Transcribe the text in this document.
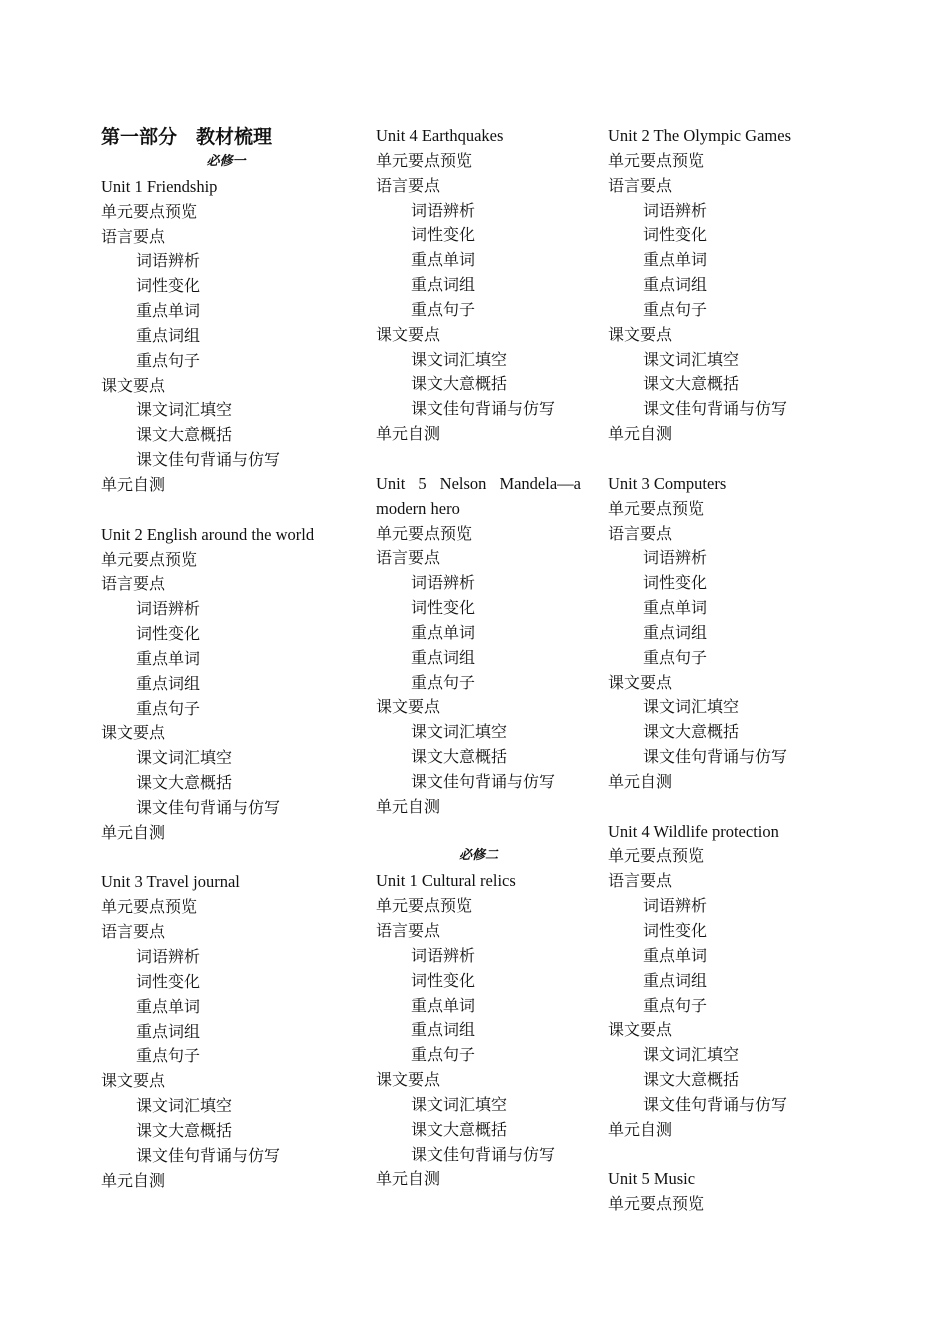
第一部分　教材梳理
必修一
Unit 1 Friendship
单元要点预览
语言要点
词语辨析
词性变化
重点单词
重点词组
重点句子
课文要点
课文词汇填空
课文大意概括
课文佳句背诵与仿写
单元自测
Unit 2 English around the world
单元要点预览
语言要点
词语辨析
词性变化
重点单词
重点词组
重点句子
课文要点
课文词汇填空
课文大意概括
课文佳句背诵与仿写
单元自测
Unit 3 Travel journal
单元要点预览
语言要点
词语辨析
词性变化
重点单词
重点词组
重点句子
课文要点
课文词汇填空
课文大意概括
课文佳句背诵与仿写
单元自测
Unit 4 Earthquakes
单元要点预览
语言要点
词语辨析
词性变化
重点单词
重点词组
重点句子
课文要点
课文词汇填空
课文大意概括
课文佳句背诵与仿写
单元自测
Unit 5 Nelson Mandela—a modern hero
单元要点预览
语言要点
词语辨析
词性变化
重点单词
重点词组
重点句子
课文要点
课文词汇填空
课文大意概括
课文佳句背诵与仿写
单元自测
必修二
Unit 1 Cultural relics
单元要点预览
语言要点
词语辨析
词性变化
重点单词
重点词组
重点句子
课文要点
课文词汇填空
课文大意概括
课文佳句背诵与仿写
单元自测
Unit 2 The Olympic Games
单元要点预览
语言要点
词语辨析
词性变化
重点单词
重点词组
重点句子
课文要点
课文词汇填空
课文大意概括
课文佳句背诵与仿写
单元自测
Unit 3 Computers
单元要点预览
语言要点
词语辨析
词性变化
重点单词
重点词组
重点句子
课文要点
课文词汇填空
课文大意概括
课文佳句背诵与仿写
单元自测
Unit 4 Wildlife protection
单元要点预览
语言要点
词语辨析
词性变化
重点单词
重点词组
重点句子
课文要点
课文词汇填空
课文大意概括
课文佳句背诵与仿写
单元自测
Unit 5 Music
单元要点预览
